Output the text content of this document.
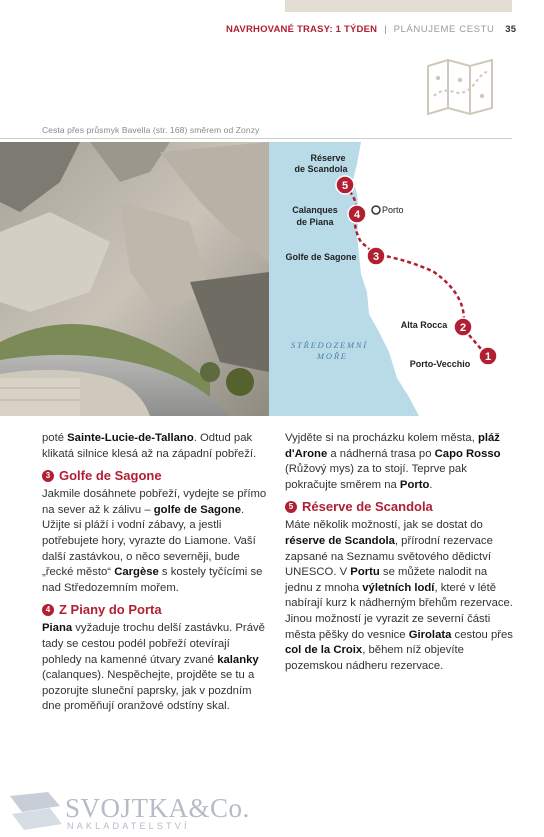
NAVRHOVANÉ TRASY: 1 TÝDEN | PLÁNUJEME CESTU 35
Cesta přes průsmyk Bavella (str. 168) směrem od Zonzy
Porto
STŘEDOZEMNÍ
MOŘE
5
Réserve
de Scandola
4
Calanques
de Piana
3
Golfe de Sagone
2
Alta Rocca
1
Porto-Vecchio

poté Sainte-Lucie-de-Tallano. Odtud pak klikatá silnice klesá až na západní pobřeží.

3 Golfe de Sagone

Jakmile dosáhnete pobřeží, vydejte se přímo na sever až k zálivu – golfe de Sagone. Užijte si pláží i vodní zábavy, a jestli potřebujete hory, vyrazte do Liamone. Vaší další zastávkou, o něco severněji, bude „řecké město“ Cargèse s kostely tyčícími se nad Středozemním mořem.

4 Z Piany do Porta

Piana vyžaduje trochu delší zastávku. Právě tady se cestou podél pobřeží otevírají pohledy na kamenné útvary zvané kalanky (calanques). Nespěchejte, projděte se tu a pozorujte sluneční paprsky, jak v pozdním dne proměňují oranžové odstíny skal.

Vyjděte si na procházku kolem města, pláž d'Arone a nádherná trasa po Capo Rosso (Růžový mys) za to stojí. Teprve pak pokračujte směrem na Porto.

5 Réserve de Scandola

Máte několik možností, jak se dostat do réserve de Scandola, přírodní rezervace zapsané na Seznamu světového dědictví UNESCO. V Portu se můžete nalodit na jednu z mnoha výletních lodí, které v létě nabírají kurz k nádherným břehům rezervace. Jinou možností je vyrazit ze severní části města pěšky do vesnice Girolata cestou přes col de la Croix, během níž objevíte pozemskou nádheru rezervace.

SVOJTKA&Co.
NAKLADATELSTVÍ
